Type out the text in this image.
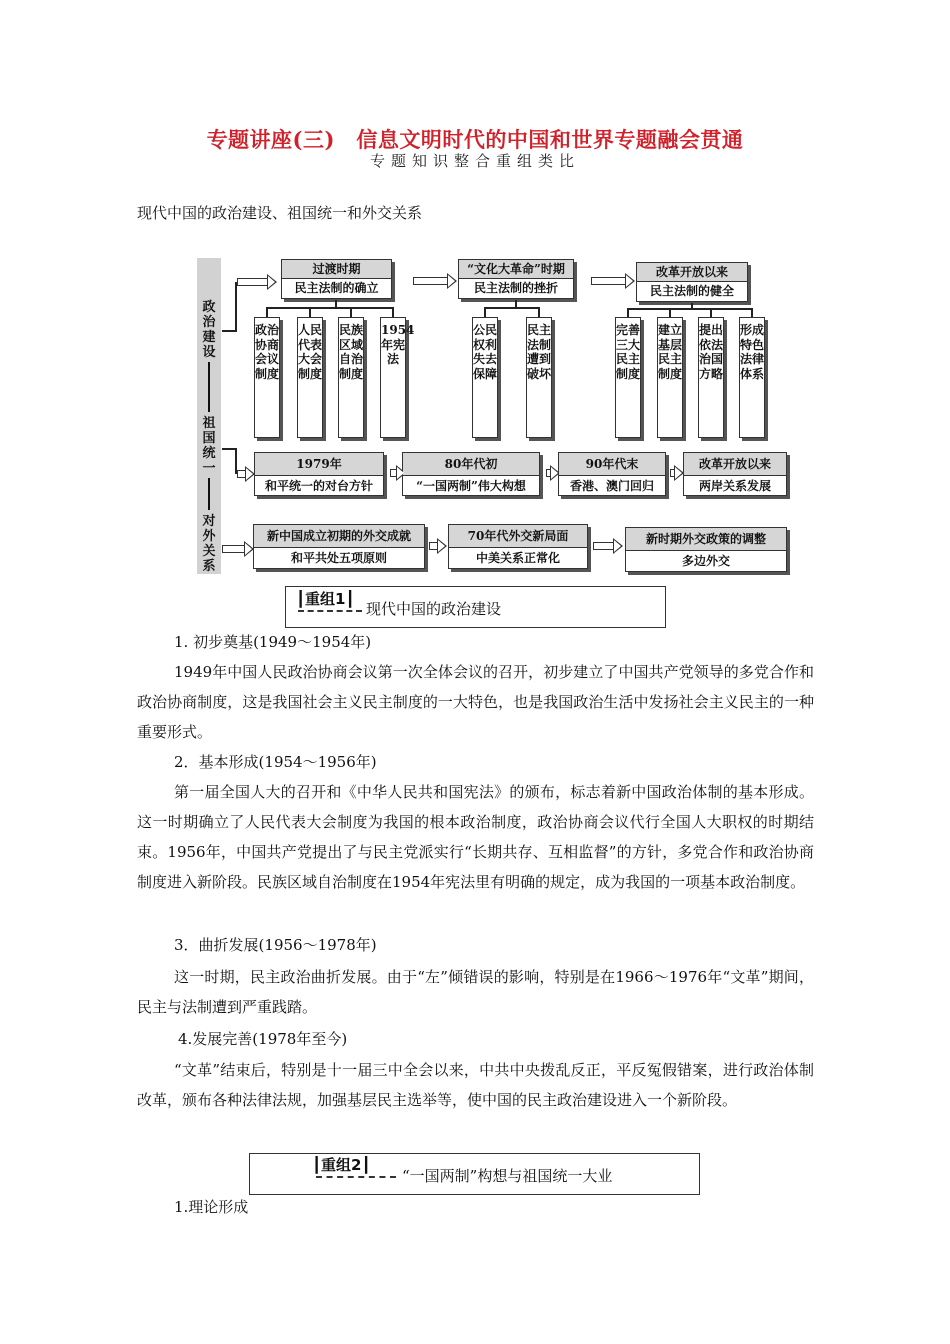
专题讲座(三)　信息文明时代的中国和世界专题融会贯通
专题知识整合重组类比
现代中国的政治建设、祖国统一和外交关系
政治建设
祖国统一
对外关系
过渡时期
民主法制的确立
“文化大革命”时期
民主法制的挫折
改革开放以来
民主法制的健全
政治协商会议制度
人民代表大会制度
民族区域自治制度
1954年宪法
公民权利失去保障
民主法制遭到破坏
完善三大民主制度
建立基层民主制度
提出依法治国方略
形成特色法律体系
1979年
和平统一的对台方针
80年代初
“一国两制”伟大构想
90年代末
香港、澳门回归
改革开放以来
两岸关系发展
新中国成立初期的外交成就
和平共处五项原则
70年代外交新局面
中美关系正常化
新时期外交政策的调整
多边外交
┃重组1┃
现代中国的政治建设
1. 初步奠基(1949～1954年)
1949年中国人民政治协商会议第一次全体会议的召开，初步建立了中国共产党领导的多党合作和政治协商制度，这是我国社会主义民主制度的一大特色，也是我国政治生活中发扬社会主义民主的一种重要形式。
2．基本形成(1954～1956年)
第一届全国人大的召开和《中华人民共和国宪法》的颁布，标志着新中国政治体制的基本形成。这一时期确立了人民代表大会制度为我国的根本政治制度，政治协商会议代行全国人大职权的时期结束。1956年，中国共产党提出了与民主党派实行“长期共存、互相监督”的方针，多党合作和政治协商制度进入新阶段。民族区域自治制度在1954年宪法里有明确的规定，成为我国的一项基本政治制度。
3．曲折发展(1956～1978年)
这一时期，民主政治曲折发展。由于“左”倾错误的影响，特别是在1966～1976年“文革”期间，民主与法制遭到严重践踏。
4.发展完善(1978年至今)
“文革”结束后，特别是十一届三中全会以来，中共中央拨乱反正，平反冤假错案，进行政治体制改革，颁布各种法律法规，加强基层民主选举等，使中国的民主政治建设进入一个新阶段。
┃重组2┃
“一国两制”构想与祖国统一大业
1.理论形成
